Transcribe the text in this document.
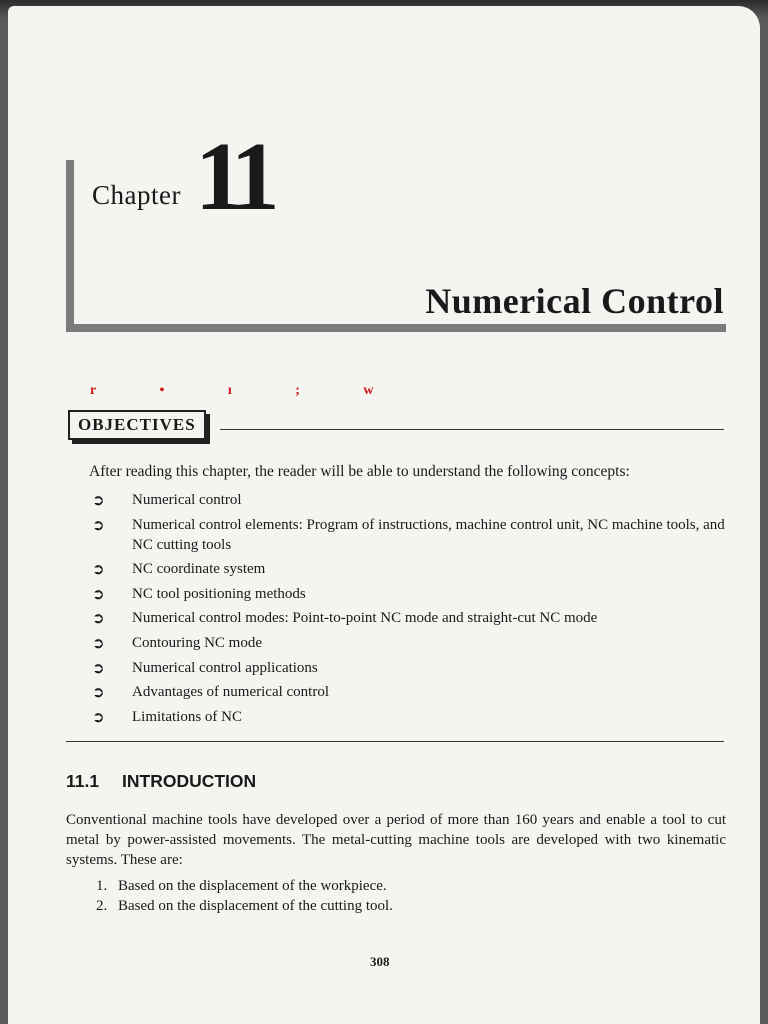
Chapter 11
Numerical Control
r • ı ; w
OBJECTIVES
After reading this chapter, the reader will be able to understand the following concepts:
➲	Numerical control
➲	Numerical control elements: Program of instructions, machine control unit, NC machine tools, and NC cutting tools
➲	NC coordinate system
➲	NC tool positioning methods
➲	Numerical control modes: Point-to-point NC mode and straight-cut NC mode
➲	Contouring NC mode
➲	Numerical control applications
➲	Advantages of numerical control
➲	Limitations of NC
11.1 INTRODUCTION
Conventional machine tools have developed over a period of more than 160 years and enable a tool to cut metal by power-assisted movements. The metal-cutting machine tools are developed with two kinematic systems. These are:
1. Based on the displacement of the workpiece.
2. Based on the displacement of the cutting tool.
308
